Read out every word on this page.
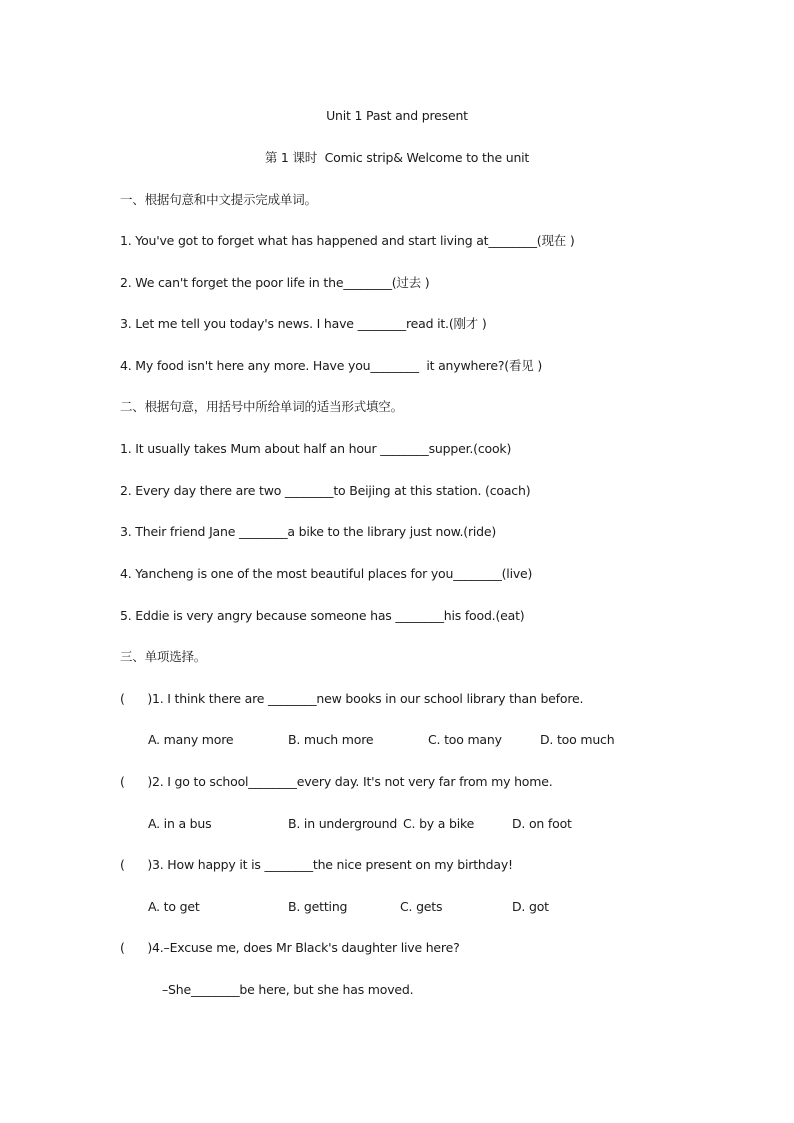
Unit 1 Past and present
第 1 课时  Comic strip& Welcome to the unit
一、根据句意和中文提示完成单词。
1. You've got to forget what has happened and start living at________(现在 )
2. We can't forget the poor life in the________(过去 )
3. Let me tell you today's news. I have ________read it.(刚才 )
4. My food isn't here any more. Have you________  it anywhere?(看见 )
二、根据句意，用括号中所给单词的适当形式填空。
1. It usually takes Mum about half an hour ________supper.(cook)
2. Every day there are two ________to Beijing at this station. (coach)
3. Their friend Jane ________a bike to the library just now.(ride)
4. Yancheng is one of the most beautiful places for you________(live)
5. Eddie is very angry because someone has ________his food.(eat)
三、单项选择。
(      )1. I think there are ________new books in our school library than before.
A. many more	B. much more	C. too many	D. too much
(      )2. I go to school________every day. It's not very far from my home.
A. in a bus	B. in underground C. by a bike	D. on foot
(      )3. How happy it is ________the nice present on my birthday!
A. to get	B. getting	C. gets	D. got
(      )4.–Excuse me, does Mr Black's daughter live here?
–She________be here, but she has moved.
